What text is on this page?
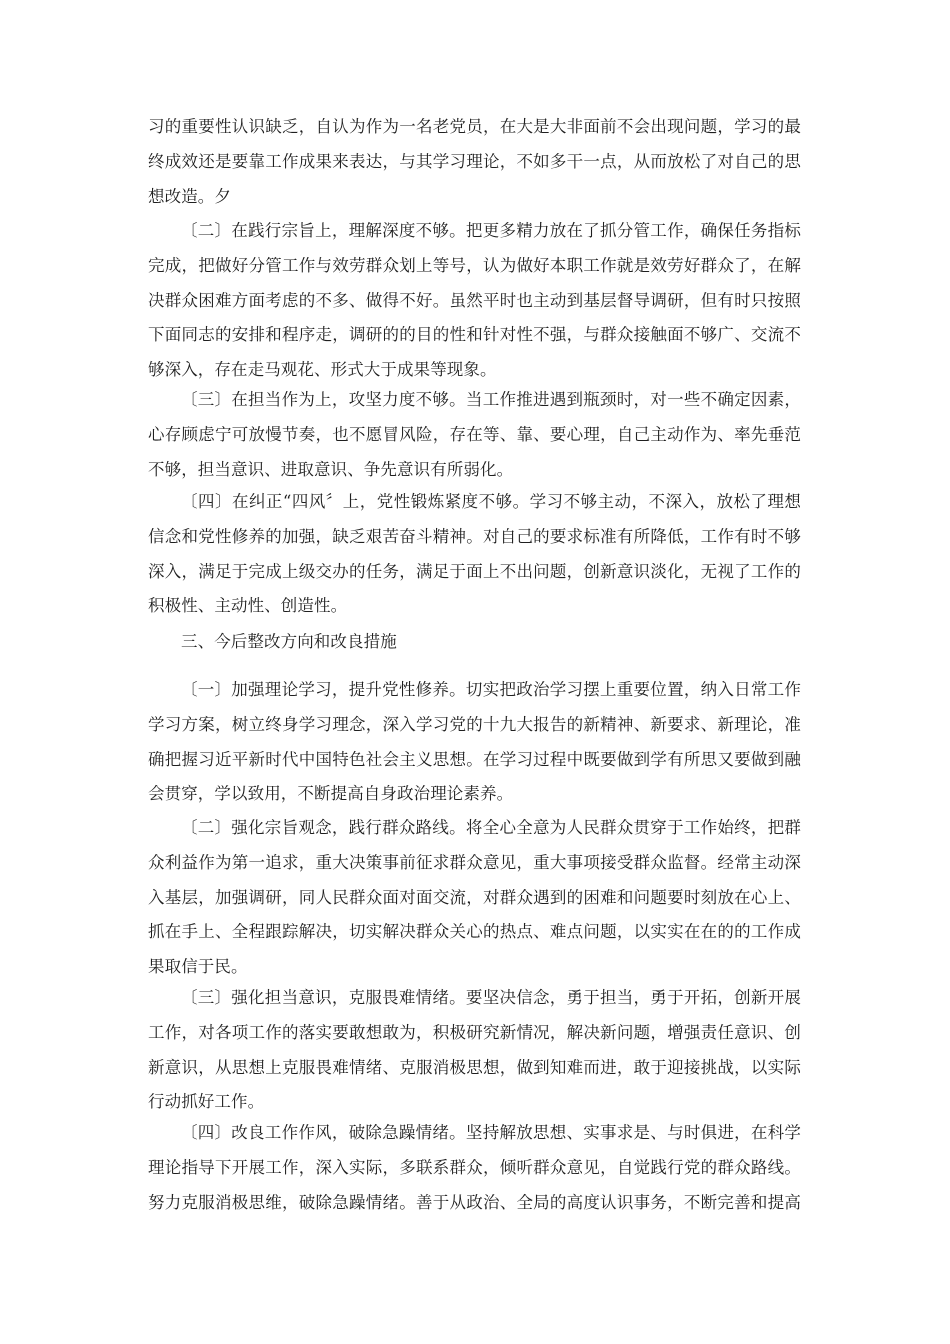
习的重要性认识缺乏，自认为作为一名老党员，在大是大非面前不会出现问题，学习的最
终成效还是要靠工作成果来表达，与其学习理论，不如多干一点，从而放松了对自己的思
想改造。夕
〔二〕在践行宗旨上，理解深度不够。把更多精力放在了抓分管工作，确保任务指标
完成，把做好分管工作与效劳群众划上等号，认为做好本职工作就是效劳好群众了，在解
决群众困难方面考虑的不多、做得不好。虽然平时也主动到基层督导调研，但有时只按照
下面同志的安排和程序走，调研的的目的性和针对性不强，与群众接触面不够广、交流不
够深入，存在走马观花、形式大于成果等现象。
〔三〕在担当作为上，攻坚力度不够。当工作推进遇到瓶颈时，对一些不确定因素，
心存顾虑宁可放慢节奏，也不愿冒风险，存在等、靠、要心理，自己主动作为、率先垂范
不够，担当意识、进取意识、争先意识有所弱化。
〔四〕在纠正“四风〞上，党性锻炼紧度不够。学习不够主动，不深入，放松了理想
信念和党性修养的加强，缺乏艰苦奋斗精神。对自己的要求标准有所降低，工作有时不够
深入，满足于完成上级交办的任务，满足于面上不出问题，创新意识淡化，无视了工作的
积极性、主动性、创造性。
三、今后整改方向和改良措施
〔一〕加强理论学习，提升党性修养。切实把政治学习摆上重要位置，纳入日常工作
学习方案，树立终身学习理念，深入学习党的十九大报告的新精神、新要求、新理论，准
确把握习近平新时代中国特色社会主义思想。在学习过程中既要做到学有所思又要做到融
会贯穿，学以致用，不断提高自身政治理论素养。
〔二〕强化宗旨观念，践行群众路线。将全心全意为人民群众贯穿于工作始终，把群
众利益作为第一追求，重大决策事前征求群众意见，重大事项接受群众监督。经常主动深
入基层，加强调研，同人民群众面对面交流，对群众遇到的困难和问题要时刻放在心上、
抓在手上、全程跟踪解决，切实解决群众关心的热点、难点问题，以实实在在的的工作成
果取信于民。
〔三〕强化担当意识，克服畏难情绪。要坚决信念，勇于担当，勇于开拓，创新开展
工作，对各项工作的落实要敢想敢为，积极研究新情况，解决新问题，增强责任意识、创
新意识，从思想上克服畏难情绪、克服消极思想，做到知难而进，敢于迎接挑战，以实际
行动抓好工作。
〔四〕改良工作作风，破除急躁情绪。坚持解放思想、实事求是、与时俱进，在科学
理论指导下开展工作，深入实际，多联系群众，倾听群众意见，自觉践行党的群众路线。
努力克服消极思维，破除急躁情绪。善于从政治、全局的高度认识事务，不断完善和提高
